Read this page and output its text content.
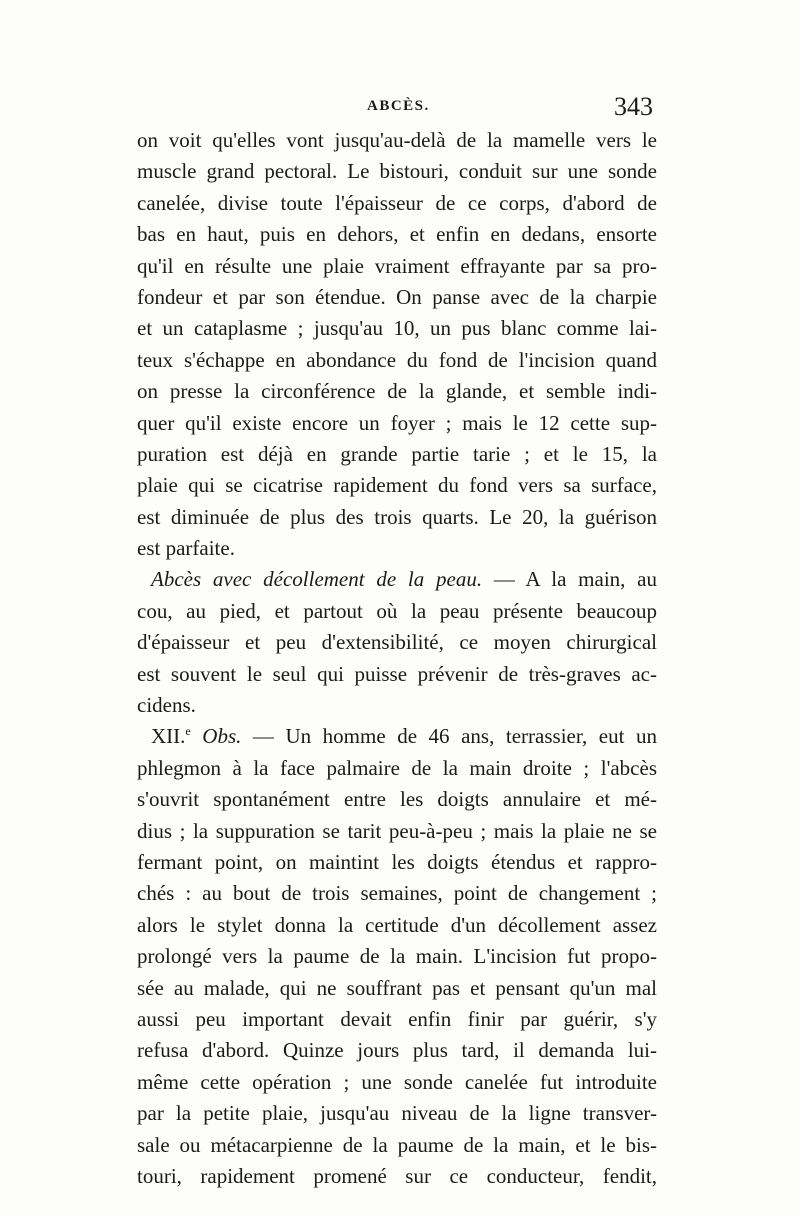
ABCÈS.	343
on voit qu'elles vont jusqu'au-delà de la mamelle vers le
muscle grand pectoral. Le bistouri, conduit sur une sonde
canelée, divise toute l'épaisseur de ce corps, d'abord de
bas en haut, puis en dehors, et enfin en dedans, ensorte
qu'il en résulte une plaie vraiment effrayante par sa pro-
fondeur et par son étendue. On panse avec de la charpie
et un cataplasme ; jusqu'au 10, un pus blanc comme lai-
teux s'échappe en abondance du fond de l'incision quand
on presse la circonférence de la glande, et semble indi-
quer qu'il existe encore un foyer ; mais le 12 cette sup-
puration est déjà en grande partie tarie ; et le 15, la
plaie qui se cicatrise rapidement du fond vers sa surface,
est diminuée de plus des trois quarts. Le 20, la guérison
est parfaite.
Abcès avec décollement de la peau. — A la main, au
cou, au pied, et partout où la peau présente beaucoup
d'épaisseur et peu d'extensibilité, ce moyen chirurgical
est souvent le seul qui puisse prévenir de très-graves ac-
cidens.
XII.$^e$ Obs. — Un homme de 46 ans, terrassier, eut un
phlegmon à la face palmaire de la main droite ; l'abcès
s'ouvrit spontanément entre les doigts annulaire et mé-
dius ; la suppuration se tarit peu-à-peu ; mais la plaie ne se
fermant point, on maintint les doigts étendus et rappro-
chés : au bout de trois semaines, point de changement ;
alors le stylet donna la certitude d'un décollement assez
prolongé vers la paume de la main. L'incision fut propo-
sée au malade, qui ne souffrant pas et pensant qu'un mal
aussi peu important devait enfin finir par guérir, s'y
refusa d'abord. Quinze jours plus tard, il demanda lui-
même cette opération ; une sonde canelée fut introduite
par la petite plaie, jusqu'au niveau de la ligne transver-
sale ou métacarpienne de la paume de la main, et le bis-
touri, rapidement promené sur ce conducteur, fendit,
